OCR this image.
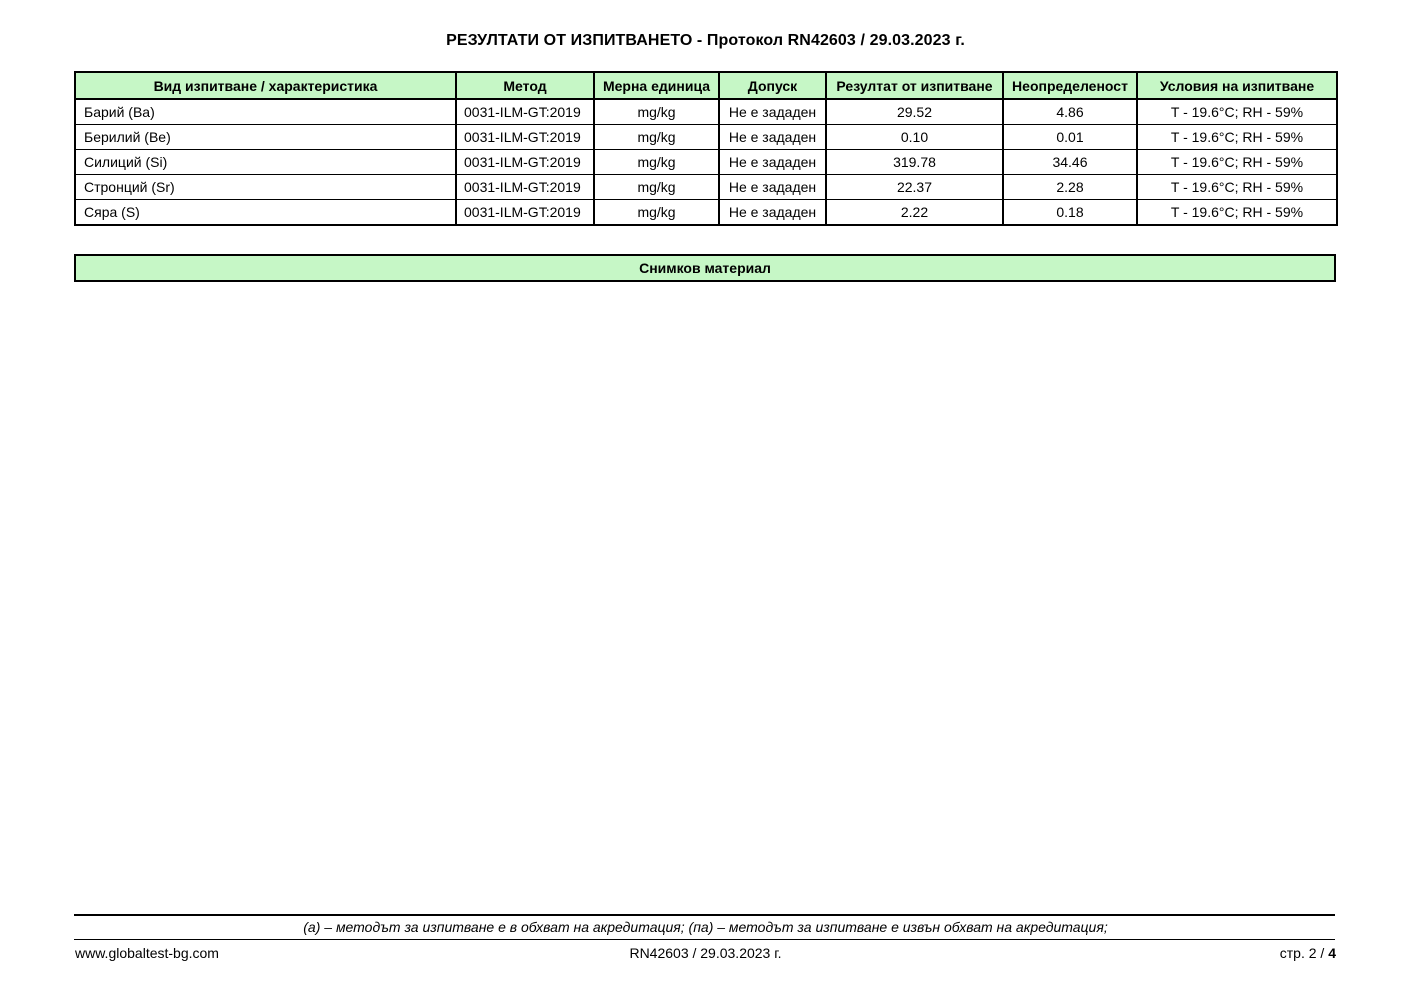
РЕЗУЛТАТИ ОТ ИЗПИТВАНЕТО - Протокол RN42603 / 29.03.2023 г.
Вид изпитване / характеристика	Метод	Мерна единица	Допуск	Резултат от изпитване	Неопределеност	Условия на изпитване
Барий (Ba)	0031-ILM-GT:2019	mg/kg	Не е зададен	29.52	4.86	T - 19.6°C; RH - 59%
Берилий (Be)	0031-ILM-GT:2019	mg/kg	Не е зададен	0.10	0.01	T - 19.6°C; RH - 59%
Силиций (Si)	0031-ILM-GT:2019	mg/kg	Не е зададен	319.78	34.46	T - 19.6°C; RH - 59%
Стронций (Sr)	0031-ILM-GT:2019	mg/kg	Не е зададен	22.37	2.28	T - 19.6°C; RH - 59%
Сяра (S)	0031-ILM-GT:2019	mg/kg	Не е зададен	2.22	0.18	T - 19.6°C; RH - 59%
Снимков материал
(а) – методът за изпитване е в обхват на акредитация; (па) – методът за изпитване е извън обхват на акредитация;
www.globaltest-bg.com	RN42603 / 29.03.2023 г.	стр. 2 / 4
